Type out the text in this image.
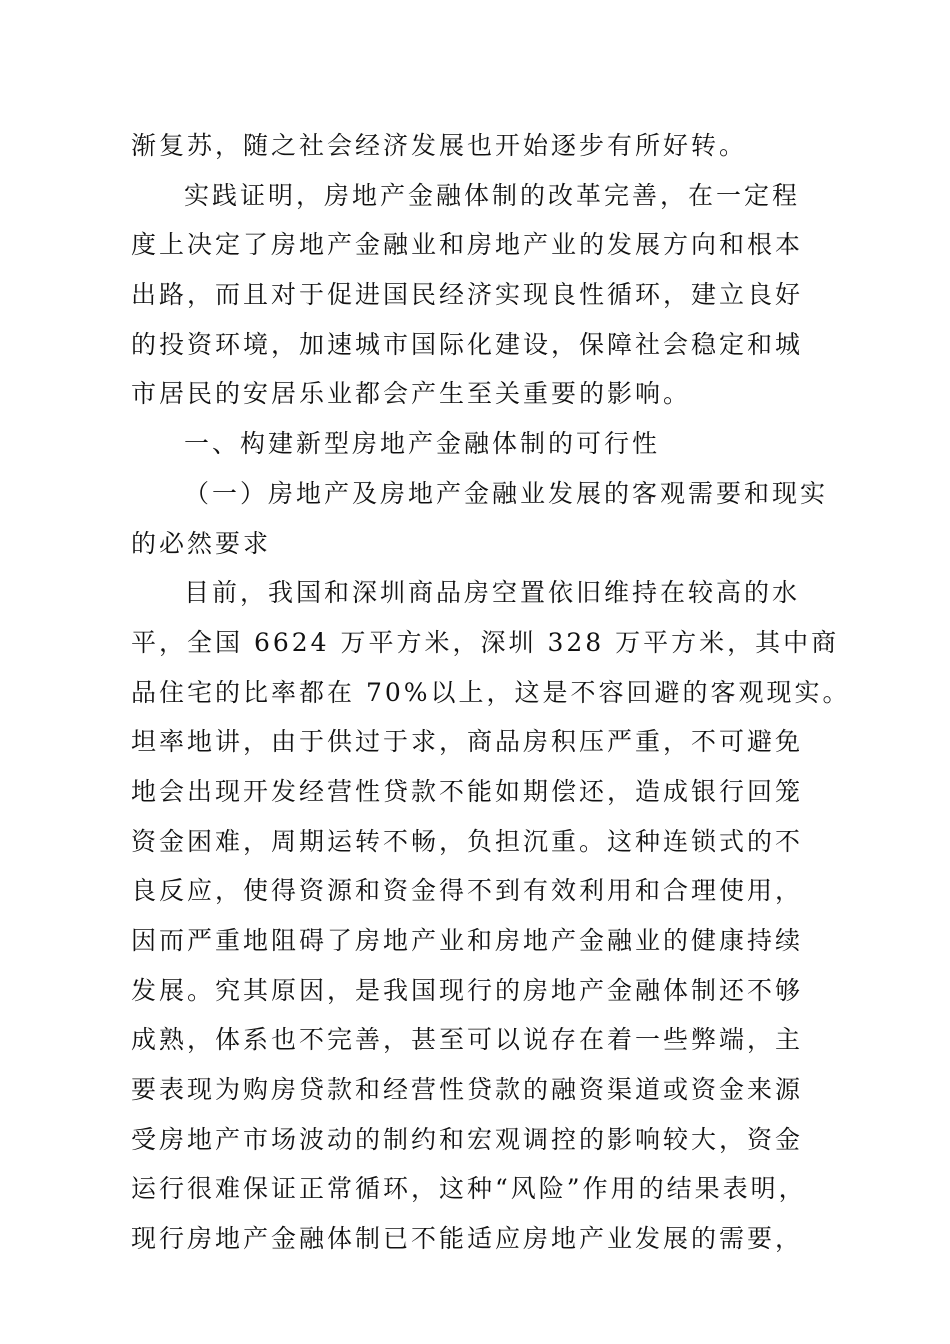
渐复苏，随之社会经济发展也开始逐步有所好转。
实践证明，房地产金融体制的改革完善，在一定程
度上决定了房地产金融业和房地产业的发展方向和根本
出路，而且对于促进国民经济实现良性循环，建立良好
的投资环境，加速城市国际化建设，保障社会稳定和城
市居民的安居乐业都会产生至关重要的影响。
一、构建新型房地产金融体制的可行性
（一）房地产及房地产金融业发展的客观需要和现实
的必然要求
目前，我国和深圳商品房空置依旧维持在较高的水
平，全国 6624 万平方米，深圳 328 万平方米，其中商
品住宅的比率都在 70%以上，这是不容回避的客观现实。
坦率地讲，由于供过于求，商品房积压严重，不可避免
地会出现开发经营性贷款不能如期偿还，造成银行回笼
资金困难，周期运转不畅，负担沉重。这种连锁式的不
良反应，使得资源和资金得不到有效利用和合理使用，
因而严重地阻碍了房地产业和房地产金融业的健康持续
发展。究其原因，是我国现行的房地产金融体制还不够
成熟，体系也不完善，甚至可以说存在着一些弊端，主
要表现为购房贷款和经营性贷款的融资渠道或资金来源
受房地产市场波动的制约和宏观调控的影响较大，资金
运行很难保证正常循环，这种“风险”作用的结果表明，
现行房地产金融体制已不能适应房地产业发展的需要，
